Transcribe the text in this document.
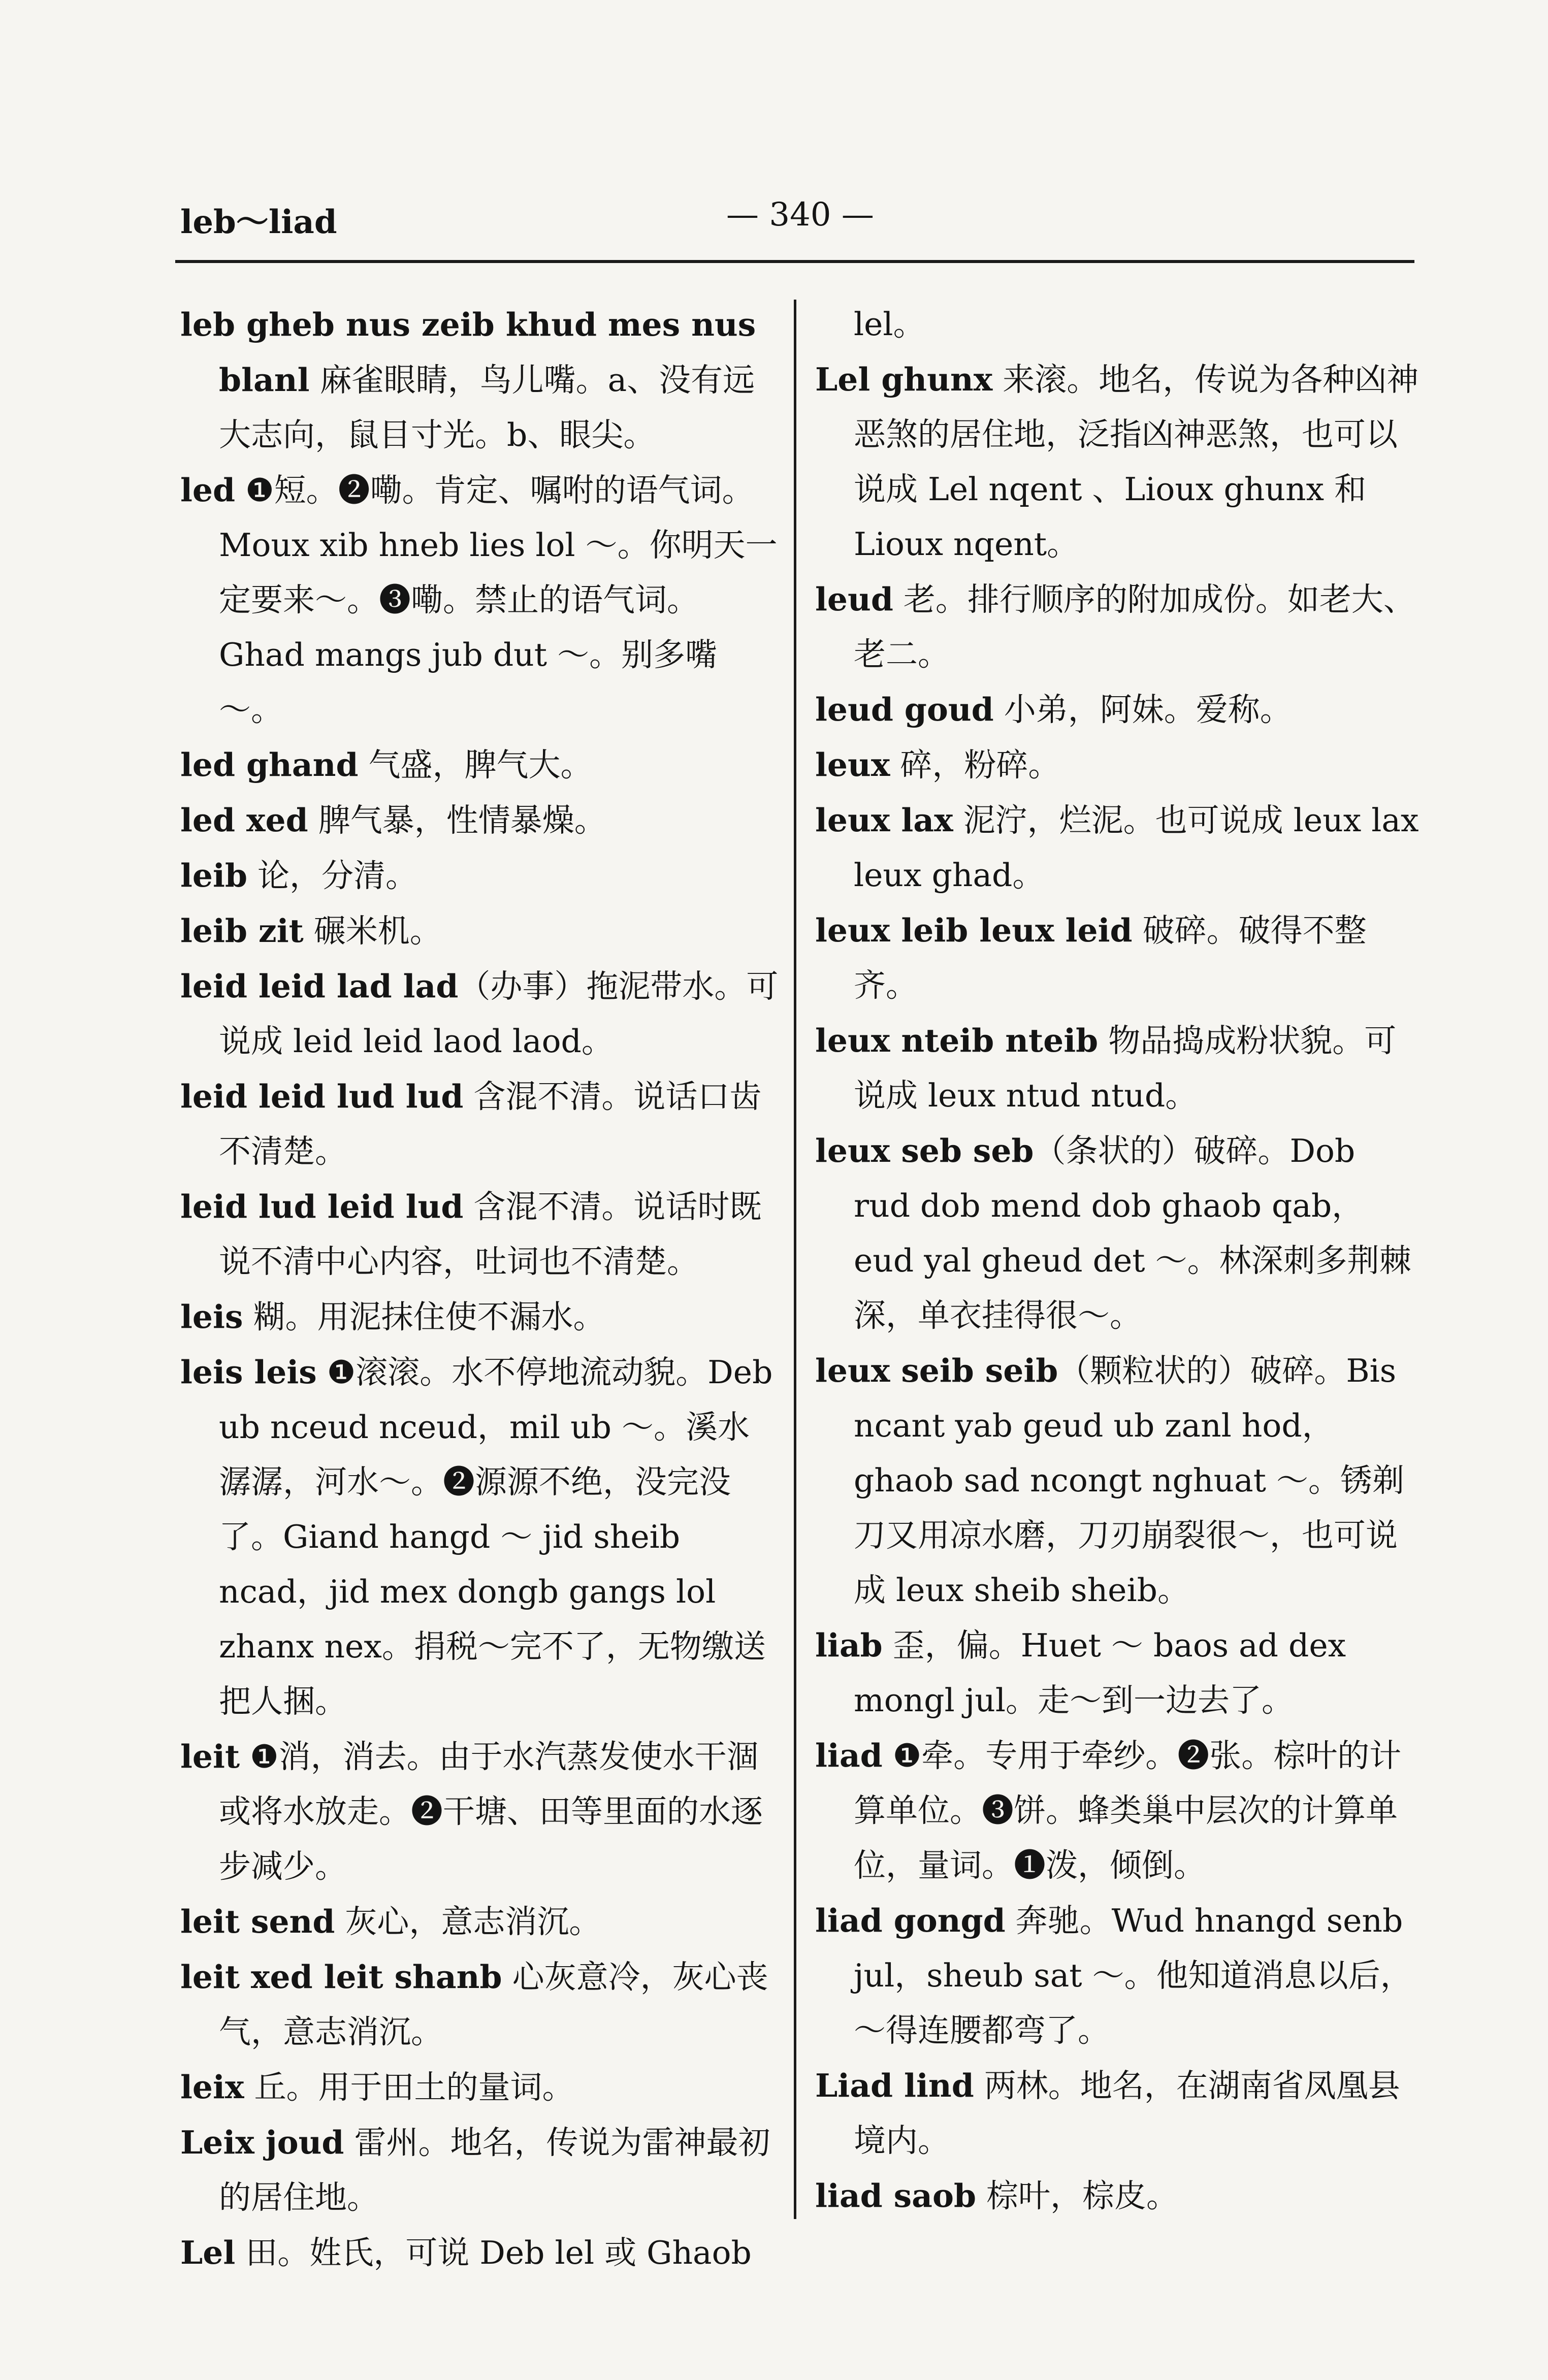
leb～liad	— 340 —

leb gheb nus zeib khud mes nus blanl 麻雀眼睛，鸟儿嘴。a、没有远大志向，鼠目寸光。b、眼尖。

led ❶短。❷嘞。肯定、嘱咐的语气词。Moux xib hneb lies lol ～。你明天一定要来～。❸嘞。禁止的语气词。Ghad mangs jub dut ～。别多嘴～。

led ghand 气盛，脾气大。

led xed 脾气暴，性情暴燥。

leib 论，分清。

leib zit 碾米机。

leid leid lad lad（办事）拖泥带水。可说成 leid leid laod laod。

leid leid lud lud 含混不清。说话口齿不清楚。

leid lud leid lud 含混不清。说话时既说不清中心内容，吐词也不清楚。

leis 糊。用泥抹住使不漏水。

leis leis ❶滚滚。水不停地流动貌。Deb ub nceud nceud，mil ub ～。溪水潺潺，河水～。❷源源不绝，没完没了。Giand hangd ～ jid sheib ncad，jid mex dongb gangs lol zhanx nex。捐税～完不了，无物缴送把人捆。

leit ❶消，消去。由于水汽蒸发使水干涸或将水放走。❷干塘、田等里面的水逐步减少。

leit send 灰心，意志消沉。

leit xed leit shanb 心灰意冷，灰心丧气，意志消沉。

leix 丘。用于田土的量词。

Leix joud 雷州。地名，传说为雷神最初的居住地。

Lel 田。姓氏，可说 Deb lel 或 Ghaob

lel。

Lel ghunx 来滚。地名，传说为各种凶神恶煞的居住地，泛指凶神恶煞，也可以说成 Lel nqent 、Lioux ghunx 和 Lioux nqent。

leud 老。排行顺序的附加成份。如老大、老二。

leud goud 小弟，阿妹。爱称。

leux 碎，粉碎。

leux lax 泥泞，烂泥。也可说成 leux lax leux ghad。

leux leib leux leid 破碎。破得不整齐。

leux nteib nteib 物品捣成粉状貌。可说成 leux ntud ntud。

leux seb seb（条状的）破碎。Dob rud dob mend dob ghaob qab，eud yal gheud det ～。林深刺多荆棘深，单衣挂得很～。

leux seib seib（颗粒状的）破碎。Bis ncant yab geud ub zanl hod，ghaob sad ncongt nghuat ～。锈剃刀又用凉水磨，刀刃崩裂很～，也可说成 leux sheib sheib。

liab 歪，偏。Huet ～ baos ad dex mongl jul。走～到一边去了。

liad ❶牵。专用于牵纱。❷张。棕叶的计算单位。❸饼。蜂类巢中层次的计算单位，量词。❶泼，倾倒。

liad gongd 奔驰。Wud hnangd senb jul，sheub sat ～。他知道消息以后，～得连腰都弯了。

Liad lind 两林。地名，在湖南省凤凰县境内。

liad saob 棕叶，棕皮。
